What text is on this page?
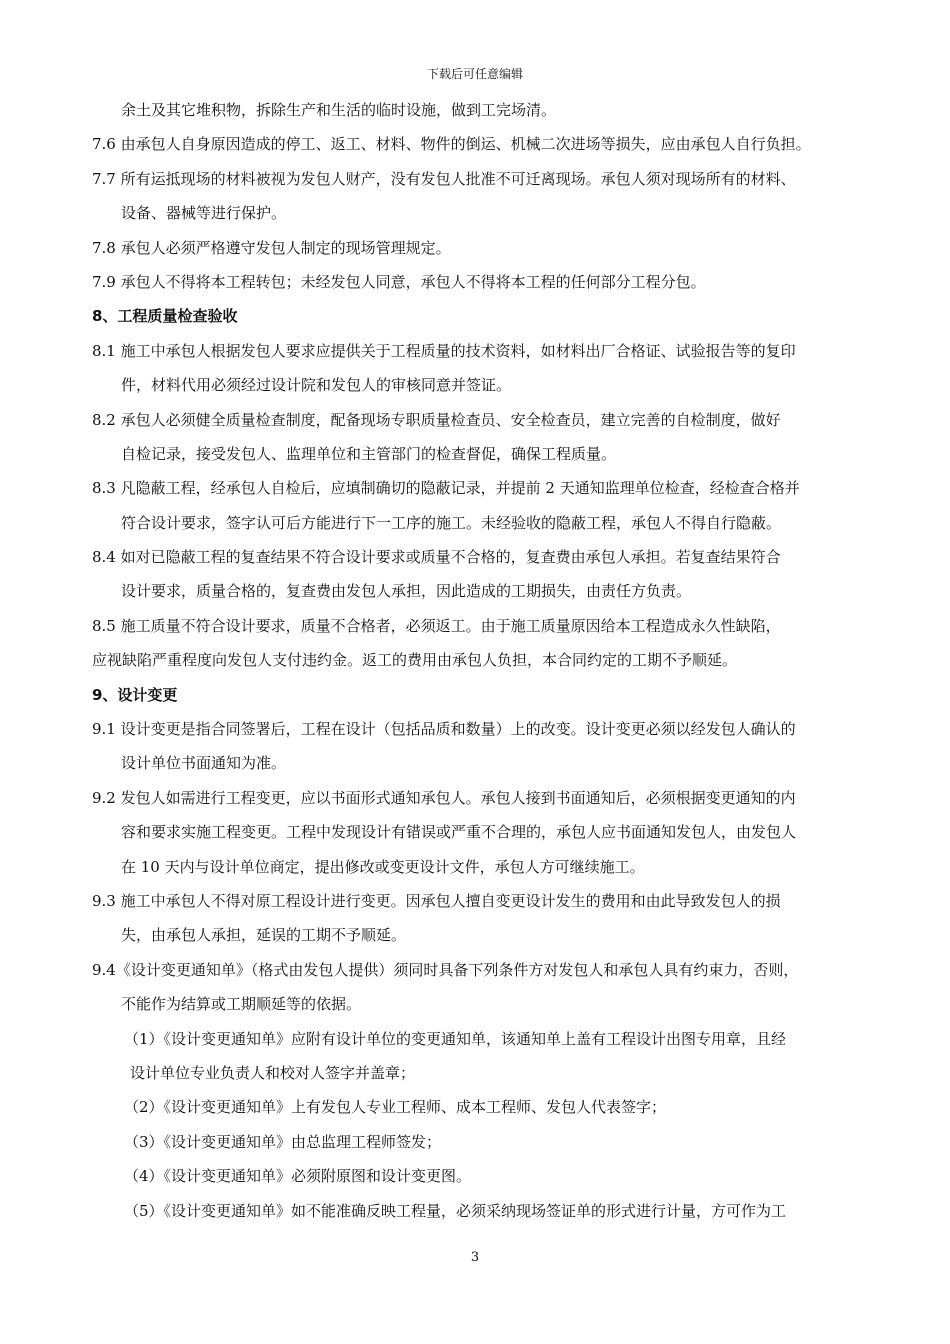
下载后可任意编辑
余土及其它堆积物，拆除生产和生活的临时设施，做到工完场清。
7.6 由承包人自身原因造成的停工、返工、材料、物件的倒运、机械二次进场等损失，应由承包人自行负担。
7.7 所有运抵现场的材料被视为发包人财产，没有发包人批准不可迁离现场。承包人须对现场所有的材料、
设备、器械等进行保护。
7.8 承包人必须严格遵守发包人制定的现场管理规定。
7.9 承包人不得将本工程转包；未经发包人同意，承包人不得将本工程的任何部分工程分包。
8、工程质量检查验收
8.1 施工中承包人根据发包人要求应提供关于工程质量的技术资料，如材料出厂合格证、试验报告等的复印
件，材料代用必须经过设计院和发包人的审核同意并签证。
8.2 承包人必须健全质量检查制度，配备现场专职质量检查员、安全检查员，建立完善的自检制度，做好
自检记录，接受发包人、监理单位和主管部门的检查督促，确保工程质量。
8.3 凡隐蔽工程，经承包人自检后，应填制确切的隐蔽记录，并提前 2 天通知监理单位检查，经检查合格并
符合设计要求，签字认可后方能进行下一工序的施工。未经验收的隐蔽工程，承包人不得自行隐蔽。
8.4 如对已隐蔽工程的复查结果不符合设计要求或质量不合格的，复查费由承包人承担。若复查结果符合
设计要求，质量合格的，复查费由发包人承担，因此造成的工期损失，由责任方负责。
8.5 施工质量不符合设计要求，质量不合格者，必须返工。由于施工质量原因给本工程造成永久性缺陷，
应视缺陷严重程度向发包人支付违约金。返工的费用由承包人负担，本合同约定的工期不予顺延。
9、设计变更
9.1 设计变更是指合同签署后，工程在设计（包括品质和数量）上的改变。设计变更必须以经发包人确认的
设计单位书面通知为准。
9.2 发包人如需进行工程变更，应以书面形式通知承包人。承包人接到书面通知后，必须根据变更通知的内
容和要求实施工程变更。工程中发现设计有错误或严重不合理的，承包人应书面通知发包人，由发包人
在 10 天内与设计单位商定，提出修改或变更设计文件，承包人方可继续施工。
9.3 施工中承包人不得对原工程设计进行变更。因承包人擅自变更设计发生的费用和由此导致发包人的损
失，由承包人承担，延误的工期不予顺延。
9.4《设计变更通知单》（格式由发包人提供）须同时具备下列条件方对发包人和承包人具有约束力，否则，
不能作为结算或工期顺延等的依据。
（1）《设计变更通知单》应附有设计单位的变更通知单，该通知单上盖有工程设计出图专用章，且经
设计单位专业负责人和校对人签字并盖章；
（2）《设计变更通知单》上有发包人专业工程师、成本工程师、发包人代表签字；
（3）《设计变更通知单》由总监理工程师签发；
（4）《设计变更通知单》必须附原图和设计变更图。
（5）《设计变更通知单》如不能准确反映工程量，必须采纳现场签证单的形式进行计量，方可作为工
3
